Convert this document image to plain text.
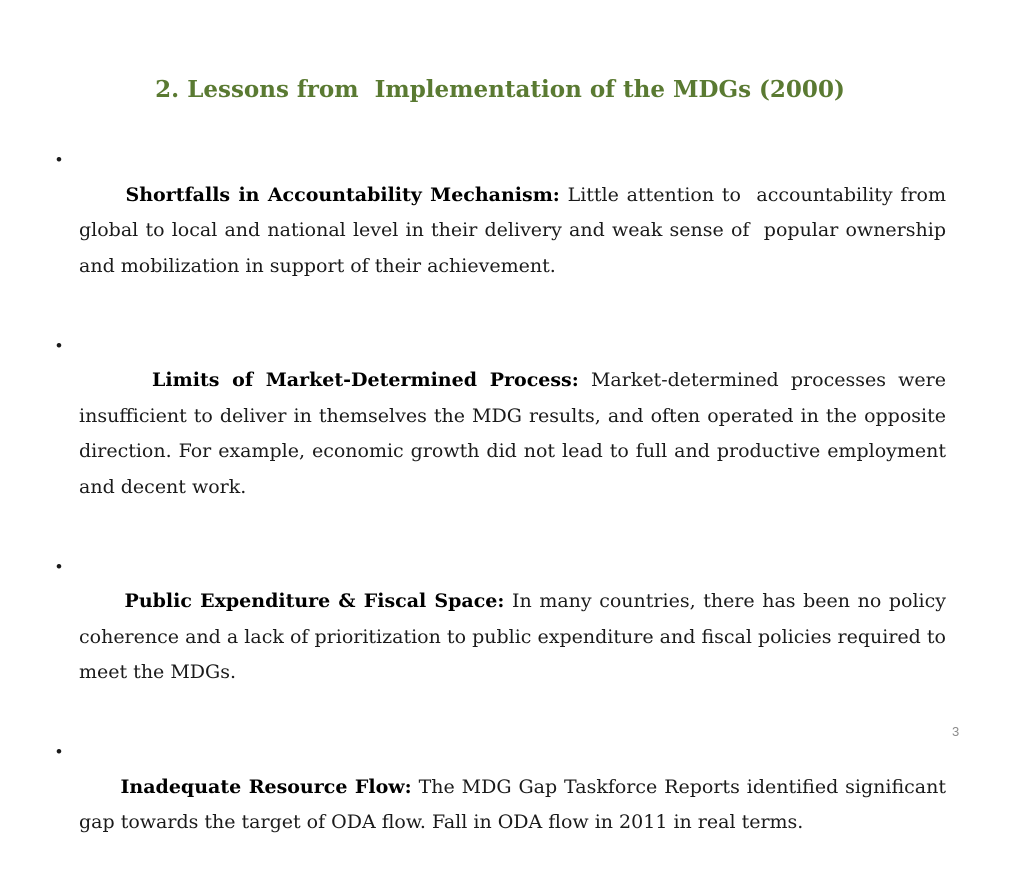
2. Lessons from  Implementation of the MDGs (2000)

•
Shortfalls in Accountability Mechanism: Little attention to  accountability from global to local and national level in their delivery and weak sense of  popular ownership and mobilization in support of their achievement.

•
Limits of Market-Determined Process: Market-determined processes were insufficient to deliver in themselves the MDG results, and often operated in the opposite direction. For example, economic growth did not lead to full and productive employment and decent work.

•
Public Expenditure & Fiscal Space: In many countries, there has been no policy coherence and a lack of prioritization to public expenditure and fiscal policies required to meet the MDGs.

•
Inadequate Resource Flow: The MDG Gap Taskforce Reports identified significant gap towards the target of ODA flow. Fall in ODA flow in 2011 in real terms.

3
